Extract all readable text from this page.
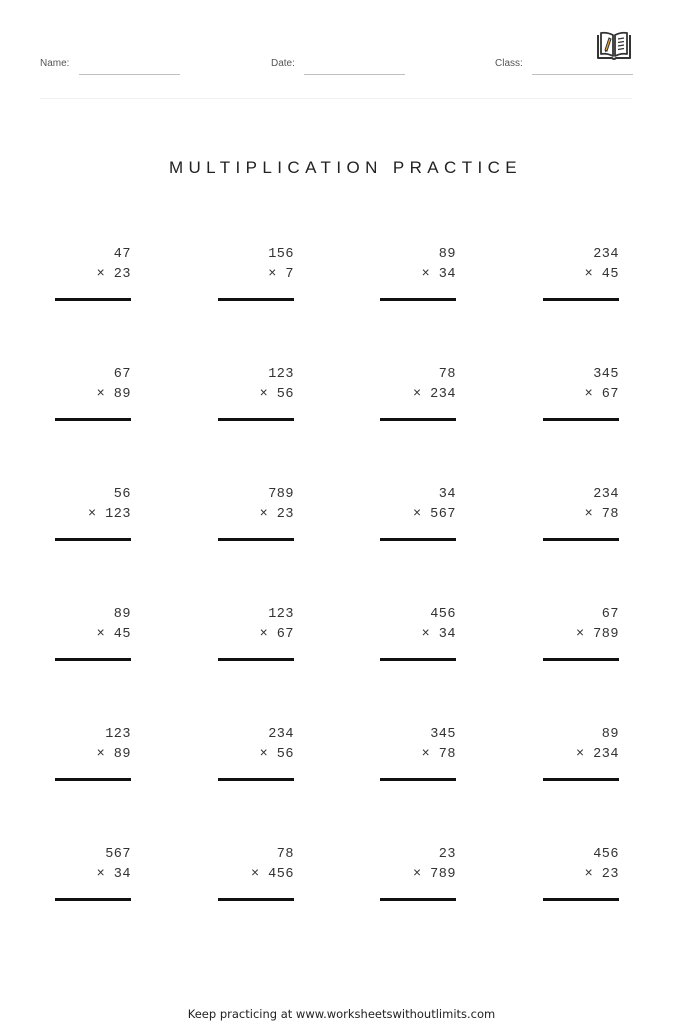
Name:	Date:	Class:
MULTIPLICATION PRACTICE
47
× 23
156
× 7
89
× 34
234
× 45
67
× 89
123
× 56
78
× 234
345
× 67
56
× 123
789
× 23
34
× 567
234
× 78
89
× 45
123
× 67
456
× 34
67
× 789
123
× 89
234
× 56
345
× 78
89
× 234
567
× 34
78
× 456
23
× 789
456
× 23
Keep practicing at www.worksheetswithoutlimits.com
